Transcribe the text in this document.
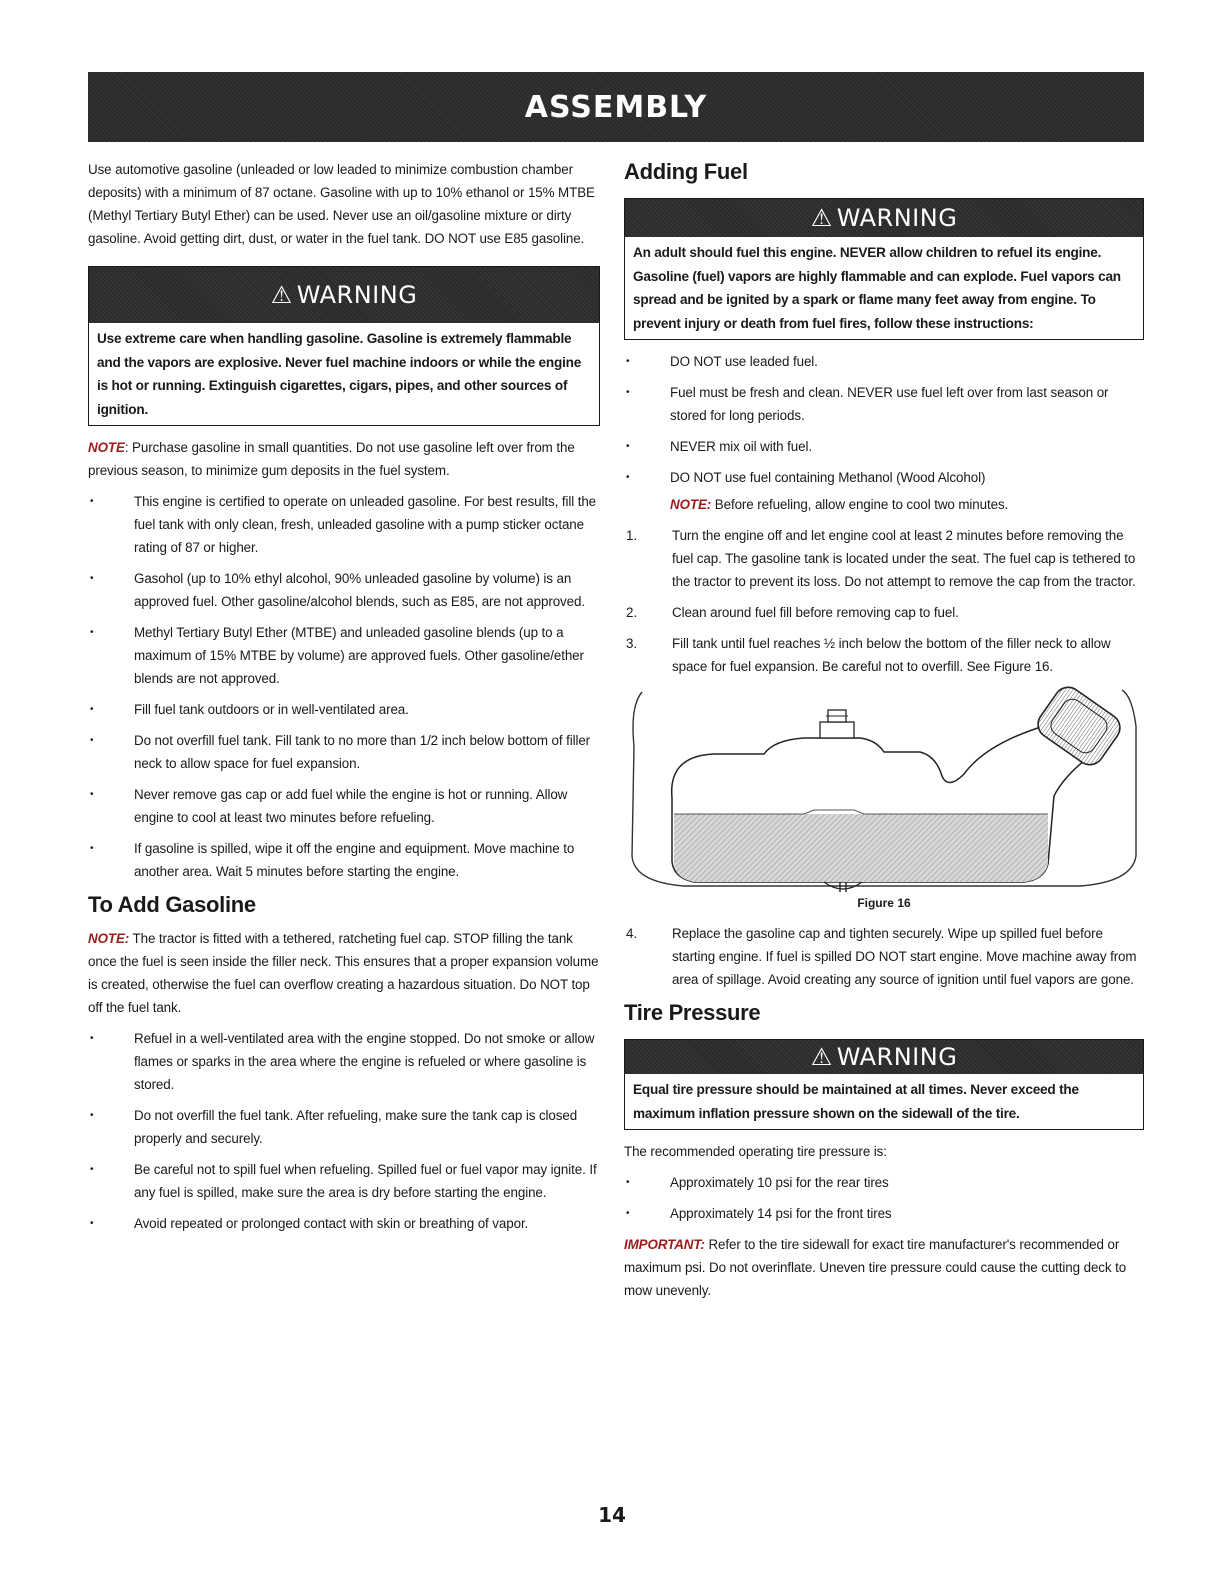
ASSEMBLY

Use automotive gasoline (unleaded or low leaded to minimize combustion chamber deposits) with a minimum of 87 octane. Gasoline with up to 10% ethanol or 15% MTBE (Methyl Tertiary Butyl Ether) can be used. Never use an oil/gasoline mixture or dirty gasoline. Avoid getting dirt, dust, or water in the fuel tank. DO NOT use E85 gasoline.

⚠ WARNING
Use extreme care when handling gasoline. Gasoline is extremely flammable and the vapors are explosive. Never fuel machine indoors or while the engine is hot or running. Extinguish cigarettes, cigars, pipes, and other sources of ignition.

NOTE: Purchase gasoline in small quantities. Do not use gasoline left over from the previous season, to minimize gum deposits in the fuel system.

• This engine is certified to operate on unleaded gasoline. For best results, fill the fuel tank with only clean, fresh, unleaded gasoline with a pump sticker octane rating of 87 or higher.
• Gasohol (up to 10% ethyl alcohol, 90% unleaded gasoline by volume) is an approved fuel. Other gasoline/alcohol blends, such as E85, are not approved.
• Methyl Tertiary Butyl Ether (MTBE) and unleaded gasoline blends (up to a maximum of 15% MTBE by volume) are approved fuels. Other gasoline/ether blends are not approved.
• Fill fuel tank outdoors or in well-ventilated area.
• Do not overfill fuel tank. Fill tank to no more than 1/2 inch below bottom of filler neck to allow space for fuel expansion.
• Never remove gas cap or add fuel while the engine is hot or running. Allow engine to cool at least two minutes before refueling.
• If gasoline is spilled, wipe it off the engine and equipment. Move machine to another area. Wait 5 minutes before starting the engine.
To Add Gasoline

NOTE: The tractor is fitted with a tethered, ratcheting fuel cap. STOP filling the tank once the fuel is seen inside the filler neck. This ensures that a proper expansion volume is created, otherwise the fuel can overflow creating a hazardous situation. Do NOT top off the fuel tank.

• Refuel in a well-ventilated area with the engine stopped. Do not smoke or allow flames or sparks in the area where the engine is refueled or where gasoline is stored.
• Do not overfill the fuel tank. After refueling, make sure the tank cap is closed properly and securely.
• Be careful not to spill fuel when refueling. Spilled fuel or fuel vapor may ignite. If any fuel is spilled, make sure the area is dry before starting the engine.
• Avoid repeated or prolonged contact with skin or breathing of vapor.
Adding Fuel
⚠ WARNING
An adult should fuel this engine. NEVER allow children to refuel its engine. Gasoline (fuel) vapors are highly flammable and can explode. Fuel vapors can spread and be ignited by a spark or flame many feet away from engine. To prevent injury or death from fuel fires, follow these instructions:
• DO NOT use leaded fuel.
• Fuel must be fresh and clean. NEVER use fuel left over from last season or stored for long periods.
• NEVER mix oil with fuel.
• DO NOT use fuel containing Methanol (Wood Alcohol)

NOTE: Before refueling, allow engine to cool two minutes.

1.	Turn the engine off and let engine cool at least 2 minutes before removing the fuel cap. The gasoline tank is located under the seat. The fuel cap is tethered to the tractor to prevent its loss. Do not attempt to remove the cap from the tractor.
2.	Clean around fuel fill before removing cap to fuel.
3.	Fill tank until fuel reaches ½ inch below the bottom of the filler neck to allow space for fuel expansion. Be careful not to overfill. See Figure 16.
Figure 16
4.	Replace the gasoline cap and tighten securely. Wipe up spilled fuel before starting engine. If fuel is spilled DO NOT start engine. Move machine away from area of spillage. Avoid creating any source of ignition until fuel vapors are gone.
Tire Pressure
⚠ WARNING
Equal tire pressure should be maintained at all times. Never exceed the maximum inflation pressure shown on the sidewall of the tire.

The recommended operating tire pressure is:

• Approximately 10 psi for the rear tires
• Approximately 14 psi for the front tires

IMPORTANT: Refer to the tire sidewall for exact tire manufacturer's recommended or maximum psi. Do not overinflate. Uneven tire pressure could cause the cutting deck to mow unevenly.

14
